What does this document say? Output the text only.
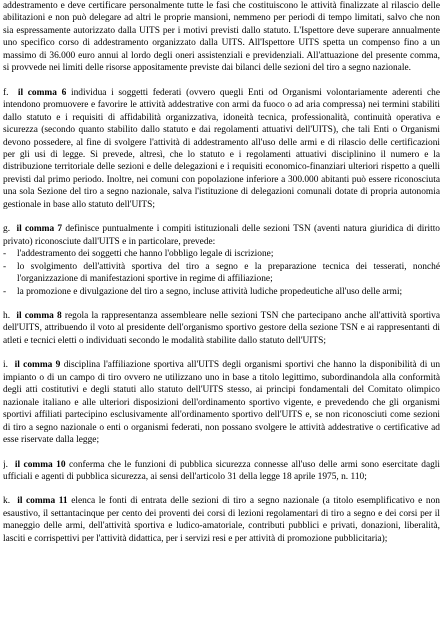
addestramento e deve certificare personalmente tutte le fasi che costituiscono le attività finalizzate al rilascio delle abilitazioni e non può delegare ad altri le proprie mansioni, nemmeno per periodi di tempo limitati, salvo che non sia espressamente autorizzato dalla UITS per i motivi previsti dallo statuto. L'Ispettore deve superare annualmente uno specifico corso di addestramento organizzato dalla UITS. All'Ispettore UITS spetta un compenso fino a un massimo di 36.000 euro annui al lordo degli oneri assistenziali e previdenziali. All'attuazione del presente comma, si provvede nei limiti delle risorse appositamente previste dai bilanci delle sezioni del tiro a segno nazionale.

f. il comma 6 individua i soggetti federati (ovvero quegli Enti od Organismi volontariamente aderenti che intendono promuovere e favorire le attività addestrative con armi da fuoco o ad aria compressa) nei termini stabiliti dallo statuto e i requisiti di affidabilità organizzativa, idoneità tecnica, professionalità, continuità operativa e sicurezza (secondo quanto stabilito dallo statuto e dai regolamenti attuativi dell'UITS), che tali Enti o Organismi devono possedere, al fine di svolgere l'attività di addestramento all'uso delle armi e di rilascio delle certificazioni per gli usi di legge. Si prevede, altresì, che lo statuto e i regolamenti attuativi disciplinino il numero e la distribuzione territoriale delle sezioni e delle delegazioni e i requisiti economico-finanziari ulteriori rispetto a quelli previsti dal primo periodo. Inoltre, nei comuni con popolazione inferiore a 300.000 abitanti può essere riconosciuta una sola Sezione del tiro a segno nazionale, salva l'istituzione di delegazioni comunali dotate di propria autonomia gestionale in base allo statuto dell'UITS;

g. il comma 7 definisce puntualmente i compiti istituzionali delle sezioni TSN (aventi natura giuridica di diritto privato) riconosciute dall'UITS e in particolare, prevede:

-	l'addestramento dei soggetti che hanno l'obbligo legale di iscrizione;
-	lo svolgimento dell'attività sportiva del tiro a segno e la preparazione tecnica dei tesserati, nonché l'organizzazione di manifestazioni sportive in regime di affiliazione;
-	la promozione e divulgazione del tiro a segno, incluse attività ludiche propedeutiche all'uso delle armi;

h. il comma 8 regola la rappresentanza assembleare nelle sezioni TSN che partecipano anche all'attività sportiva dell'UITS, attribuendo il voto al presidente dell'organismo sportivo gestore della sezione TSN e ai rappresentanti di atleti e tecnici eletti o individuati secondo le modalità stabilite dallo statuto dell'UITS;

i. il comma 9 disciplina l'affiliazione sportiva all'UITS degli organismi sportivi che hanno la disponibilità di un impianto o di un campo di tiro ovvero ne utilizzano uno in base a titolo legittimo, subordinandola alla conformità degli atti costitutivi e degli statuti allo statuto dell'UITS stesso, ai principi fondamentali del Comitato olimpico nazionale italiano e alle ulteriori disposizioni dell'ordinamento sportivo vigente, e prevedendo che gli organismi sportivi affiliati partecipino esclusivamente all'ordinamento sportivo dell'UITS e, se non riconosciuti come sezioni di tiro a segno nazionale o enti o organismi federati, non possano svolgere le attività addestrative o certificative ad esse riservate dalla legge;

j. il comma 10 conferma che le funzioni di pubblica sicurezza connesse all'uso delle armi sono esercitate dagli ufficiali e agenti di pubblica sicurezza, ai sensi dell'articolo 31 della legge 18 aprile 1975, n. 110;

k. il comma 11 elenca le fonti di entrata delle sezioni di tiro a segno nazionale (a titolo esemplificativo e non esaustivo, il settantacinque per cento dei proventi dei corsi di lezioni regolamentari di tiro a segno e dei corsi per il maneggio delle armi, dell'attività sportiva e ludico-amatoriale, contributi pubblici e privati, donazioni, liberalità, lasciti e corrispettivi per l'attività didattica, per i servizi resi e per attività di promozione pubblicitaria);
